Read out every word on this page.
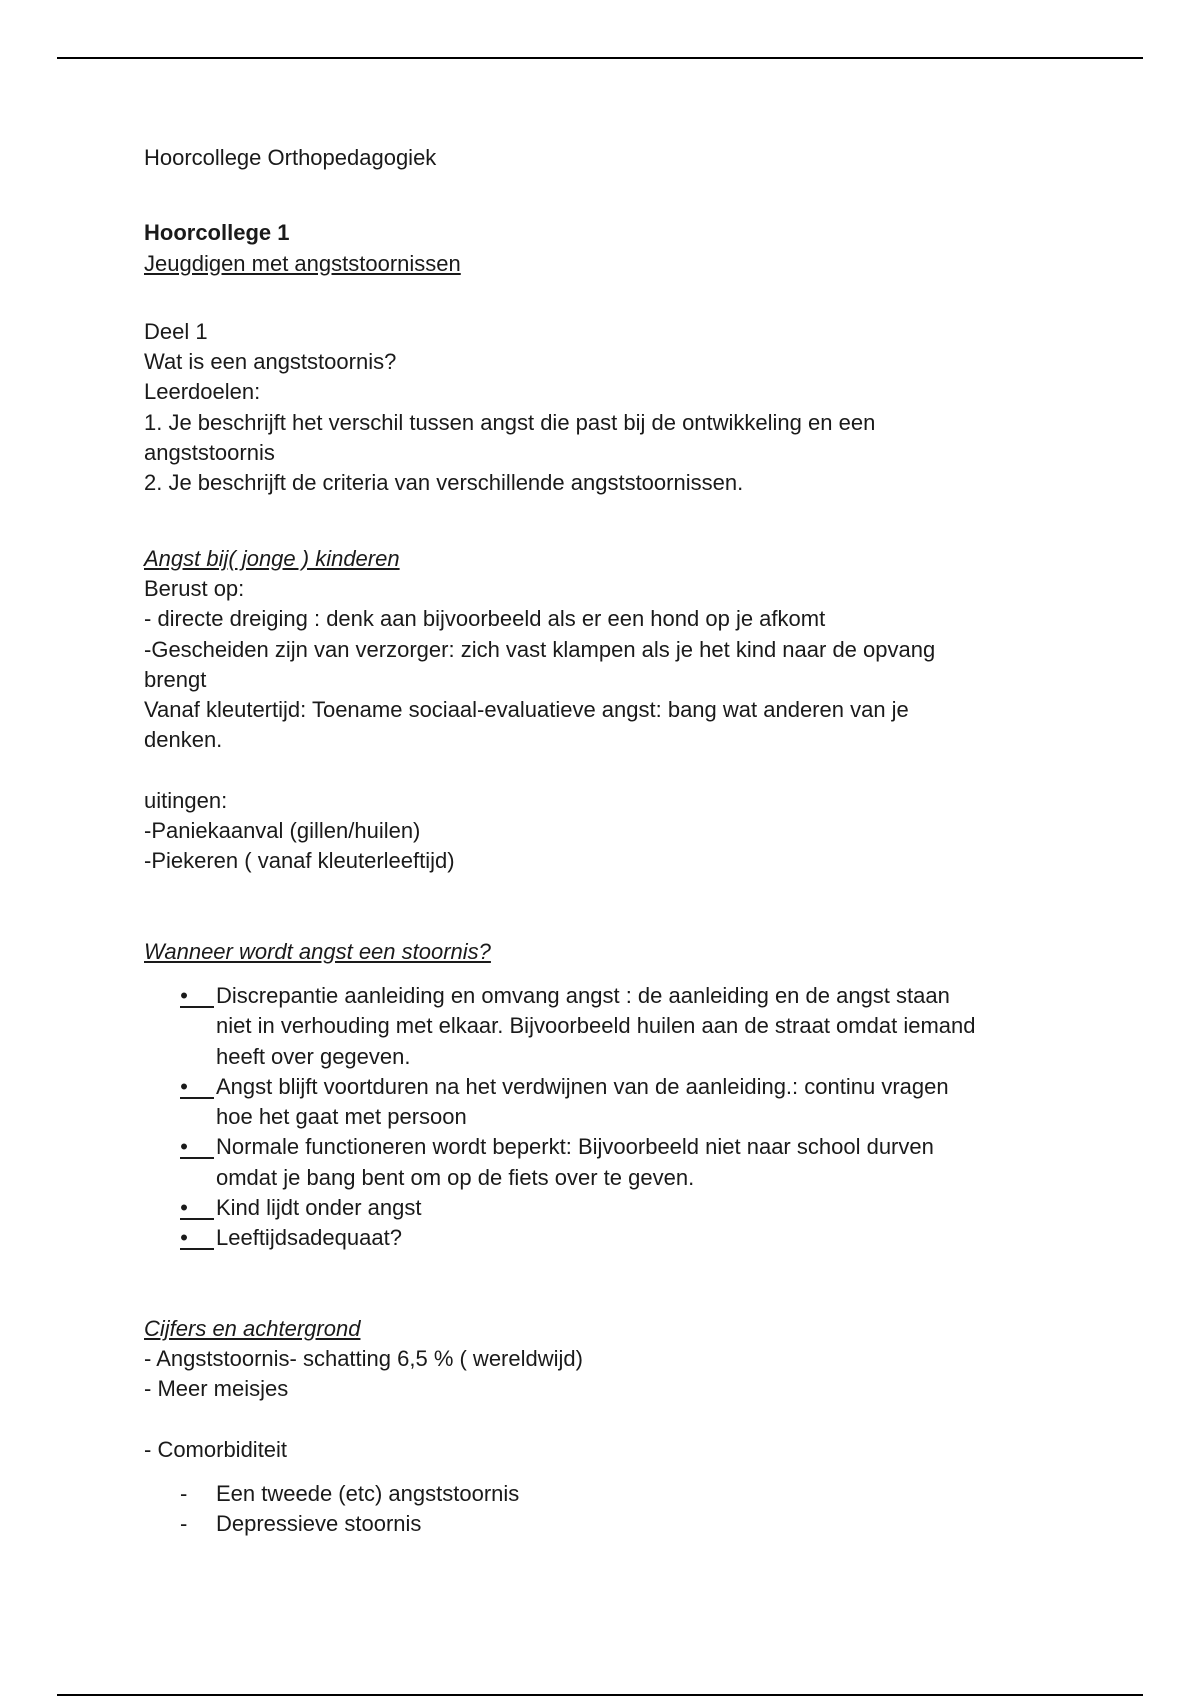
Hoorcollege Orthopedagogiek

Hoorcollege 1

Jeugdigen met angststoornissen

Deel 1

Wat is een angststoornis?

Leerdoelen:

1. Je beschrijft het verschil tussen angst die past bij de ontwikkeling en een

angststoornis

2. Je beschrijft de criteria van verschillende angststoornissen.

Angst bij( jonge ) kinderen

Berust op:

- directe dreiging : denk aan bijvoorbeeld als er een hond op je afkomt

-Gescheiden zijn van verzorger: zich vast klampen als je het kind naar de opvang

brengt

Vanaf kleutertijd: Toename sociaal-evaluatieve angst: bang wat anderen van je

denken.

uitingen:

-Paniekaanval (gillen/huilen)

-Piekeren ( vanaf kleuterleeftijd)

Wanneer wordt angst een stoornis?

•	Discrepantie aanleiding en omvang angst : de aanleiding en de angst staan
niet in verhouding met elkaar. Bijvoorbeeld huilen aan de straat omdat iemand
heeft over gegeven.
•	Angst blijft voortduren na het verdwijnen van de aanleiding.: continu vragen
hoe het gaat met persoon
•	Normale functioneren wordt beperkt: Bijvoorbeeld niet naar school durven
omdat je bang bent om op de fiets over te geven.
•	Kind lijdt onder angst
•	Leeftijdsadequaat?

Cijfers en achtergrond

- Angststoornis- schatting 6,5 % ( wereldwijd)

- Meer meisjes

- Comorbiditeit

- Een tweede (etc) angststoornis
- Depressieve stoornis
